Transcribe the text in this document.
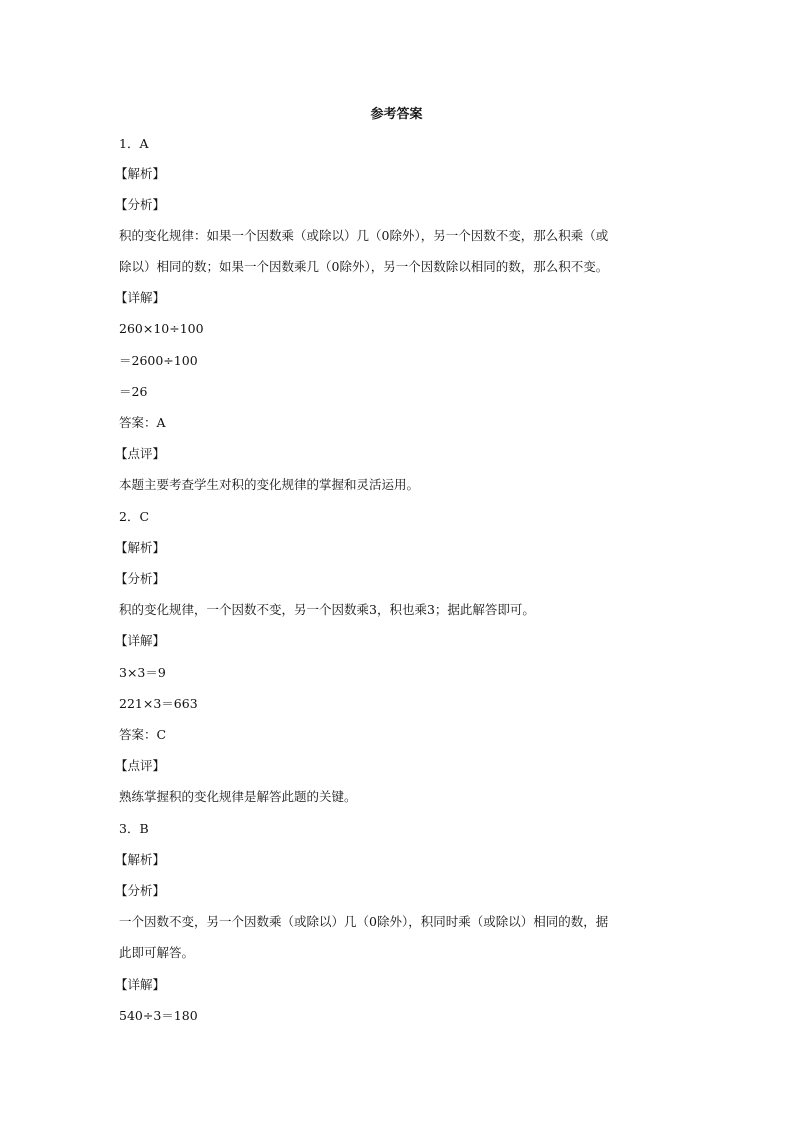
参考答案
1．A
【解析】
【分析】
积的变化规律：如果一个因数乘（或除以）几（0除外），另一个因数不变，那么积乘（或
除以）相同的数；如果一个因数乘几（0除外），另一个因数除以相同的数，那么积不变。
【详解】
260×10÷100
＝2600÷100
＝26
答案：A
【点评】
本题主要考查学生对积的变化规律的掌握和灵活运用。
2．C
【解析】
【分析】
积的变化规律，一个因数不变，另一个因数乘3，积也乘3；据此解答即可。
【详解】
3×3＝9
221×3＝663
答案：C
【点评】
熟练掌握积的变化规律是解答此题的关键。
3．B
【解析】
【分析】
一个因数不变，另一个因数乘（或除以）几（0除外），积同时乘（或除以）相同的数，据
此即可解答。
【详解】
540÷3＝180
